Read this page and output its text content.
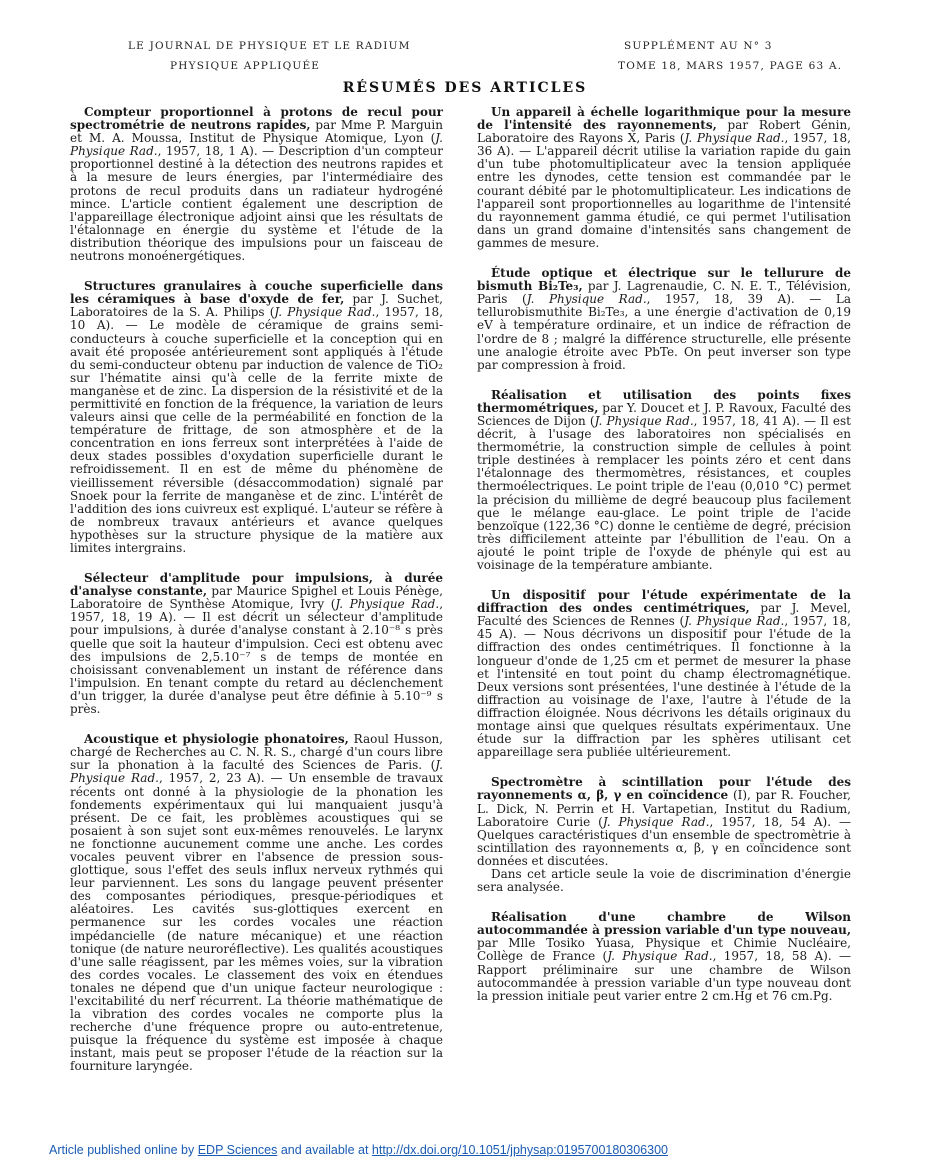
LE JOURNAL DE PHYSIQUE ET LE RADIUM
PHYSIQUE APPLIQUÉE
SUPPLÉMENT AU N° 3
TOME 18, MARS 1957, PAGE 63 A.
RÉSUMÉS DES ARTICLES

Compteur proportionnel à protons de recul pour spectrométrie de neutrons rapides, par Mme P. Marguin et M. A. Moussa, Institut de Physique Atomique, Lyon (J. Physique Rad., 1957, 18, 1 A). — Description d'un compteur proportionnel destiné à la détection des neutrons rapides et à la mesure de leurs énergies, par l'intermédiaire des protons de recul produits dans un radiateur hydrogéné mince. L'article contient également une description de l'appareillage électronique adjoint ainsi que les résultats de l'étalonnage en énergie du système et l'étude de la distribution théorique des impulsions pour un faisceau de neutrons monoénergétiques.

Structures granulaires à couche superficielle dans les céramiques à base d'oxyde de fer, par J. Suchet, Laboratoires de la S. A. Philips (J. Physique Rad., 1957, 18, 10 A). — Le modèle de céramique de grains semi-conducteurs à couche superficielle et la conception qui en avait été proposée antérieurement sont appliqués à l'étude du semi-conducteur obtenu par induction de valence de TiO₂ sur l'hématite ainsi qu'à celle de la ferrite mixte de manganèse et de zinc. La dispersion de la résistivité et de la permittivité en fonction de la fréquence, la variation de leurs valeurs ainsi que celle de la perméabilité en fonction de la température de frittage, de son atmosphère et de la concentration en ions ferreux sont interprétées à l'aide de deux stades possibles d'oxydation superficielle durant le refroidissement. Il en est de même du phénomène de vieillissement réversible (désaccommodation) signalé par Snoek pour la ferrite de manganèse et de zinc. L'intérêt de l'addition des ions cuivreux est expliqué. L'auteur se réfère à de nombreux travaux antérieurs et avance quelques hypothèses sur la structure physique de la matière aux limites intergrains.

Sélecteur d'amplitude pour impulsions, à durée d'analyse constante, par Maurice Spighel et Louis Pénège, Laboratoire de Synthèse Atomique, Ivry (J. Physique Rad., 1957, 18, 19 A). — Il est décrit un sélecteur d'amplitude pour impulsions, à durée d'analyse constant à 2.10⁻⁸ s près quelle que soit la hauteur d'impulsion. Ceci est obtenu avec des impulsions de 2,5.10⁻⁷ s de temps de montée en choisissant convenablement un instant de référence dans l'impulsion. En tenant compte du retard au déclenchement d'un trigger, la durée d'analyse peut être définie à 5.10⁻⁹ s près.

Acoustique et physiologie phonatoires, Raoul Husson, chargé de Recherches au C. N. R. S., chargé d'un cours libre sur la phonation à la faculté des Sciences de Paris. (J. Physique Rad., 1957, 2, 23 A). — Un ensemble de travaux récents ont donné à la physiologie de la phonation les fondements expérimentaux qui lui manquaient jusqu'à présent. De ce fait, les problèmes acoustiques qui se posaient à son sujet sont eux-mêmes renouvelés. Le larynx ne fonctionne aucunement comme une anche. Les cordes vocales peuvent vibrer en l'absence de pression sous-glottique, sous l'effet des seuls influx nerveux rythmés qui leur parviennent. Les sons du langage peuvent présenter des composantes périodiques, presque-périodiques et aléatoires. Les cavités sus-glottiques exercent en permanence sur les cordes vocales une réaction impédancielle (de nature mécanique) et une réaction tonique (de nature neuroréflective). Les qualités acoustiques d'une salle réagissent, par les mêmes voies, sur la vibration des cordes vocales. Le classement des voix en étendues tonales ne dépend que d'un unique facteur neurologique : l'excitabilité du nerf récurrent. La théorie mathématique de la vibration des cordes vocales ne comporte plus la recherche d'une fréquence propre ou auto-entretenue, puisque la fréquence du système est imposée à chaque instant, mais peut se proposer l'étude de la réaction sur la fourniture laryngée.

Un appareil à échelle logarithmique pour la mesure de l'intensité des rayonnements, par Robert Génin, Laboratoire des Rayons X, Paris (J. Physique Rad., 1957, 18, 36 A). — L'appareil décrit utilise la variation rapide du gain d'un tube photomultiplicateur avec la tension appliquée entre les dynodes, cette tension est commandée par le courant débité par le photomultiplicateur. Les indications de l'appareil sont proportionnelles au logarithme de l'intensité du rayonnement gamma étudié, ce qui permet l'utilisation dans un grand domaine d'intensités sans changement de gammes de mesure.

Étude optique et électrique sur le tellurure de bismuth Bi₂Te₃, par J. Lagrenaudie, C. N. E. T., Télévision, Paris (J. Physique Rad., 1957, 18, 39 A). — La tellurobismuthite Bi₂Te₃, a une énergie d'activation de 0,19 eV à température ordinaire, et un indice de réfraction de l'ordre de 8 ; malgré la différence structurelle, elle présente une analogie étroite avec PbTe. On peut inverser son type par compression à froid.

Réalisation et utilisation des points fixes thermométriques, par Y. Doucet et J. P. Ravoux, Faculté des Sciences de Dijon (J. Physique Rad., 1957, 18, 41 A). — Il est décrit, à l'usage des laboratoires non spécialisés en thermométrie, la construction simple de cellules à point triple destinées à remplacer les points zéro et cent dans l'étalonnage des thermomètres, résistances, et couples thermoélectriques. Le point triple de l'eau (0,010 °C) permet la précision du millième de degré beaucoup plus facilement que le mélange eau-glace. Le point triple de l'acide benzoïque (122,36 °C) donne le centième de degré, précision très difficilement atteinte par l'ébullition de l'eau. On a ajouté le point triple de l'oxyde de phényle qui est au voisinage de la température ambiante.

Un dispositif pour l'étude expérimentate de la diffraction des ondes centimétriques, par J. Mevel, Faculté des Sciences de Rennes (J. Physique Rad., 1957, 18, 45 A). — Nous décrivons un dispositif pour l'étude de la diffraction des ondes centimétriques. Il fonctionne à la longueur d'onde de 1,25 cm et permet de mesurer la phase et l'intensité en tout point du champ électromagnétique. Deux versions sont présentées, l'une destinée à l'étude de la diffraction au voisinage de l'axe, l'autre à l'étude de la diffraction éloignée. Nous décrivons les détails originaux du montage ainsi que quelques résultats expérimentaux. Une étude sur la diffraction par les sphères utilisant cet appareillage sera publiée ultérieurement.

Spectromètre à scintillation pour l'étude des rayonnements α, β, γ en coïncidence (I), par R. Foucher, L. Dick, N. Perrin et H. Vartapetian, Institut du Radium, Laboratoire Curie (J. Physique Rad., 1957, 18, 54 A). — Quelques caractéristiques d'un ensemble de spectromètrie à scintillation des rayonnements α, β, γ en coïncidence sont données et discutées.

Dans cet article seule la voie de discrimination d'énergie sera analysée.

Réalisation d'une chambre de Wilson autocommandée à pression variable d'un type nouveau, par Mlle Tosiko Yuasa, Physique et Chimie Nucléaire, Collège de France (J. Physique Rad., 1957, 18, 58 A). — Rapport préliminaire sur une chambre de Wilson autocommandée à pression variable d'un type nouveau dont la pression initiale peut varier entre 2 cm.Hg et 76 cm.Pg.

Article published online by EDP Sciences and available at http://dx.doi.org/10.1051/jphysap:0195700180306300
